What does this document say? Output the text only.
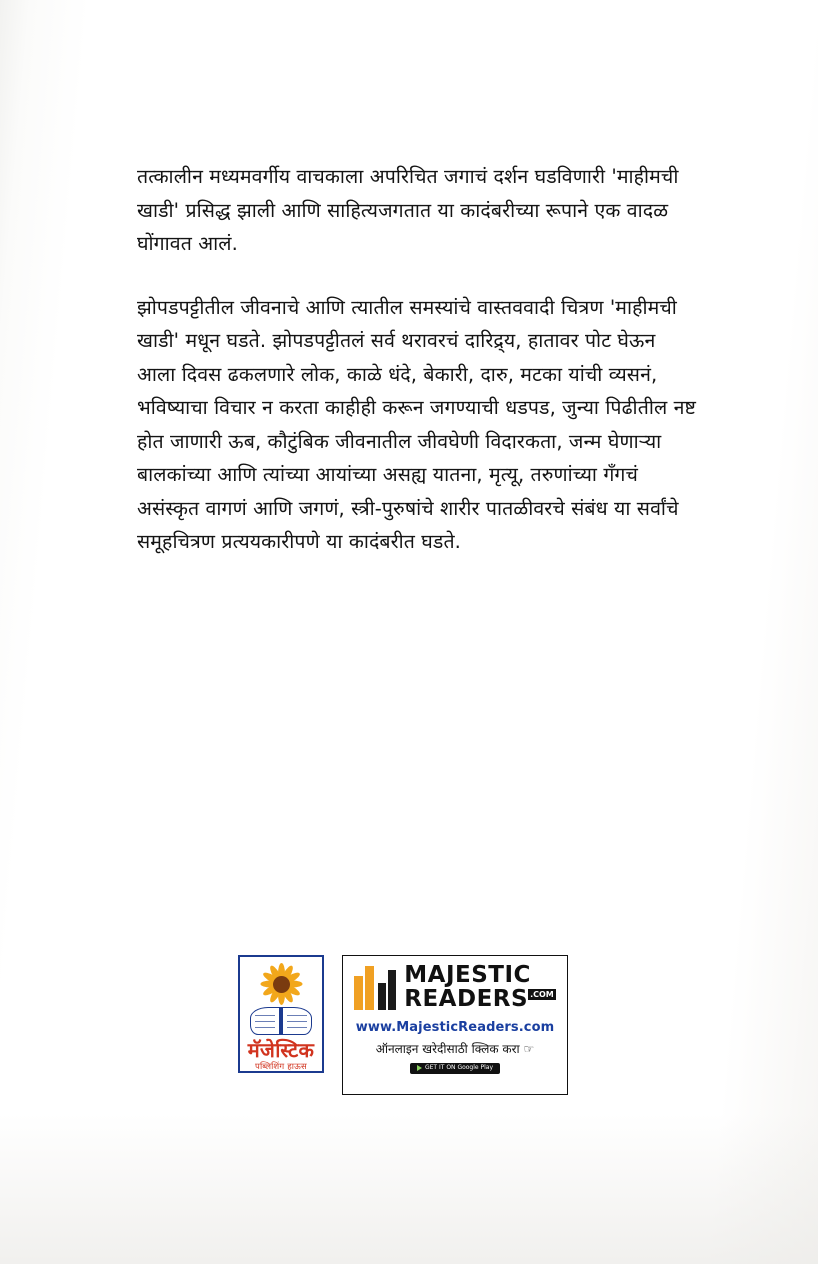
तत्कालीन मध्यमवर्गीय वाचकाला अपरिचित जगाचं दर्शन घडविणारी 'माहीमची खाडी' प्रसिद्ध झाली आणि साहित्यजगतात या कादंबरीच्या रूपाने एक वादळ घोंगावत आलं.

झोपडपट्टीतील जीवनाचे आणि त्यातील समस्यांचे वास्तववादी चित्रण 'माहीमची खाडी' मधून घडते. झोपडपट्टीतलं सर्व थरावरचं दारिद्र्य, हातावर पोट घेऊन आला दिवस ढकलणारे लोक, काळे धंदे, बेकारी, दारु, मटका यांची व्यसनं, भविष्याचा विचार न करता काहीही करून जगण्याची धडपड, जुन्या पिढीतील नष्ट होत जाणारी ऊब, कौटुंबिक जीवनातील जीवघेणी विदारकता, जन्म घेणाऱ्या बालकांच्या आणि त्यांच्या आयांच्या असह्य यातना, मृत्यू, तरुणांच्या गँगचं असंस्कृत वागणं आणि जगणं, स्त्री-पुरुषांचे शारीर पातळीवरचे संबंध या सर्वांचे समूहचित्रण प्रत्ययकारीपणे या कादंबरीत घडते.

मॅजेस्टिक
पब्लिशिंग हाऊस
MAJESTIC
READERS $^{.COM}$
www.MajesticReaders.com
ऑनलाइन खरेदीसाठी क्लिक करा ☞
GET IT ON Google Play
